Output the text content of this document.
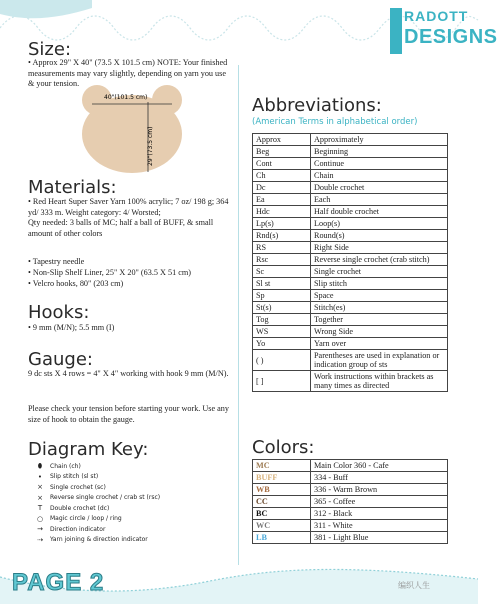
RADOTT
DESIGNS
Size:
• Approx 29" X 40" (73.5 X 101.5 cm) NOTE: Your finished measurements may vary slightly, depending on yarn you use & your tension.
40"(101.5 cm)
29"(73.5 cm)
Materials:
• Red Heart Super Saver Yarn 100% acrylic; 7 oz/ 198 g; 364 yd/ 333 m. Weight category: 4/ Worsted;
Qty needed: 3 balls of MC; half a ball of BUFF, & small amount of other colors
• Tapestry needle
• Non-Slip Shelf Liner, 25" X 20" (63.5 X 51 cm)
• Velcro hooks, 80" (203 cm)
Hooks:
• 9 mm (M/N); 5.5 mm (I)
Gauge:
9 dc sts X 4 rows = 4" X 4" working with hook 9 mm (M/N).
Please check your tension before starting your work. Use any size of hook to obtain the gauge.
Diagram Key:
⬮	Chain (ch)
•	Slip stitch (sl st)
×	Single crochet (sc)
×	Reverse single crochet / crab st (rsc)
T	Double crochet (dc)
○	Magic circle / loop / ring
→	Direction indicator
⇢	Yarn joining & direction indicator
Abbreviations:
(American Terms in alphabetical order)
Approx	Approximately
Beg	Beginning
Cont	Continue
Ch	Chain
Dc	Double crochet
Ea	Each
Hdc	Half double crochet
Lp(s)	Loop(s)
Rnd(s)	Round(s)
RS	Right Side
Rsc	Reverse single crochet (crab stitch)
Sc	Single crochet
Sl st	Slip stitch
Sp	Space
St(s)	Stitch(es)
Tog	Together
WS	Wrong Side
Yo	Yarn over
( )	Parentheses are used in explanation or indication group of sts
[ ]	Work instructions within brackets as many times as directed
Colors:
MC	Main Color 360 - Cafe
BUFF	334 - Buff
WB	336 - Warm Brown
CC	365 - Coffee
BC	312 - Black
WC	311 - White
LB	381 - Light Blue
PAGE 2	编织人生
